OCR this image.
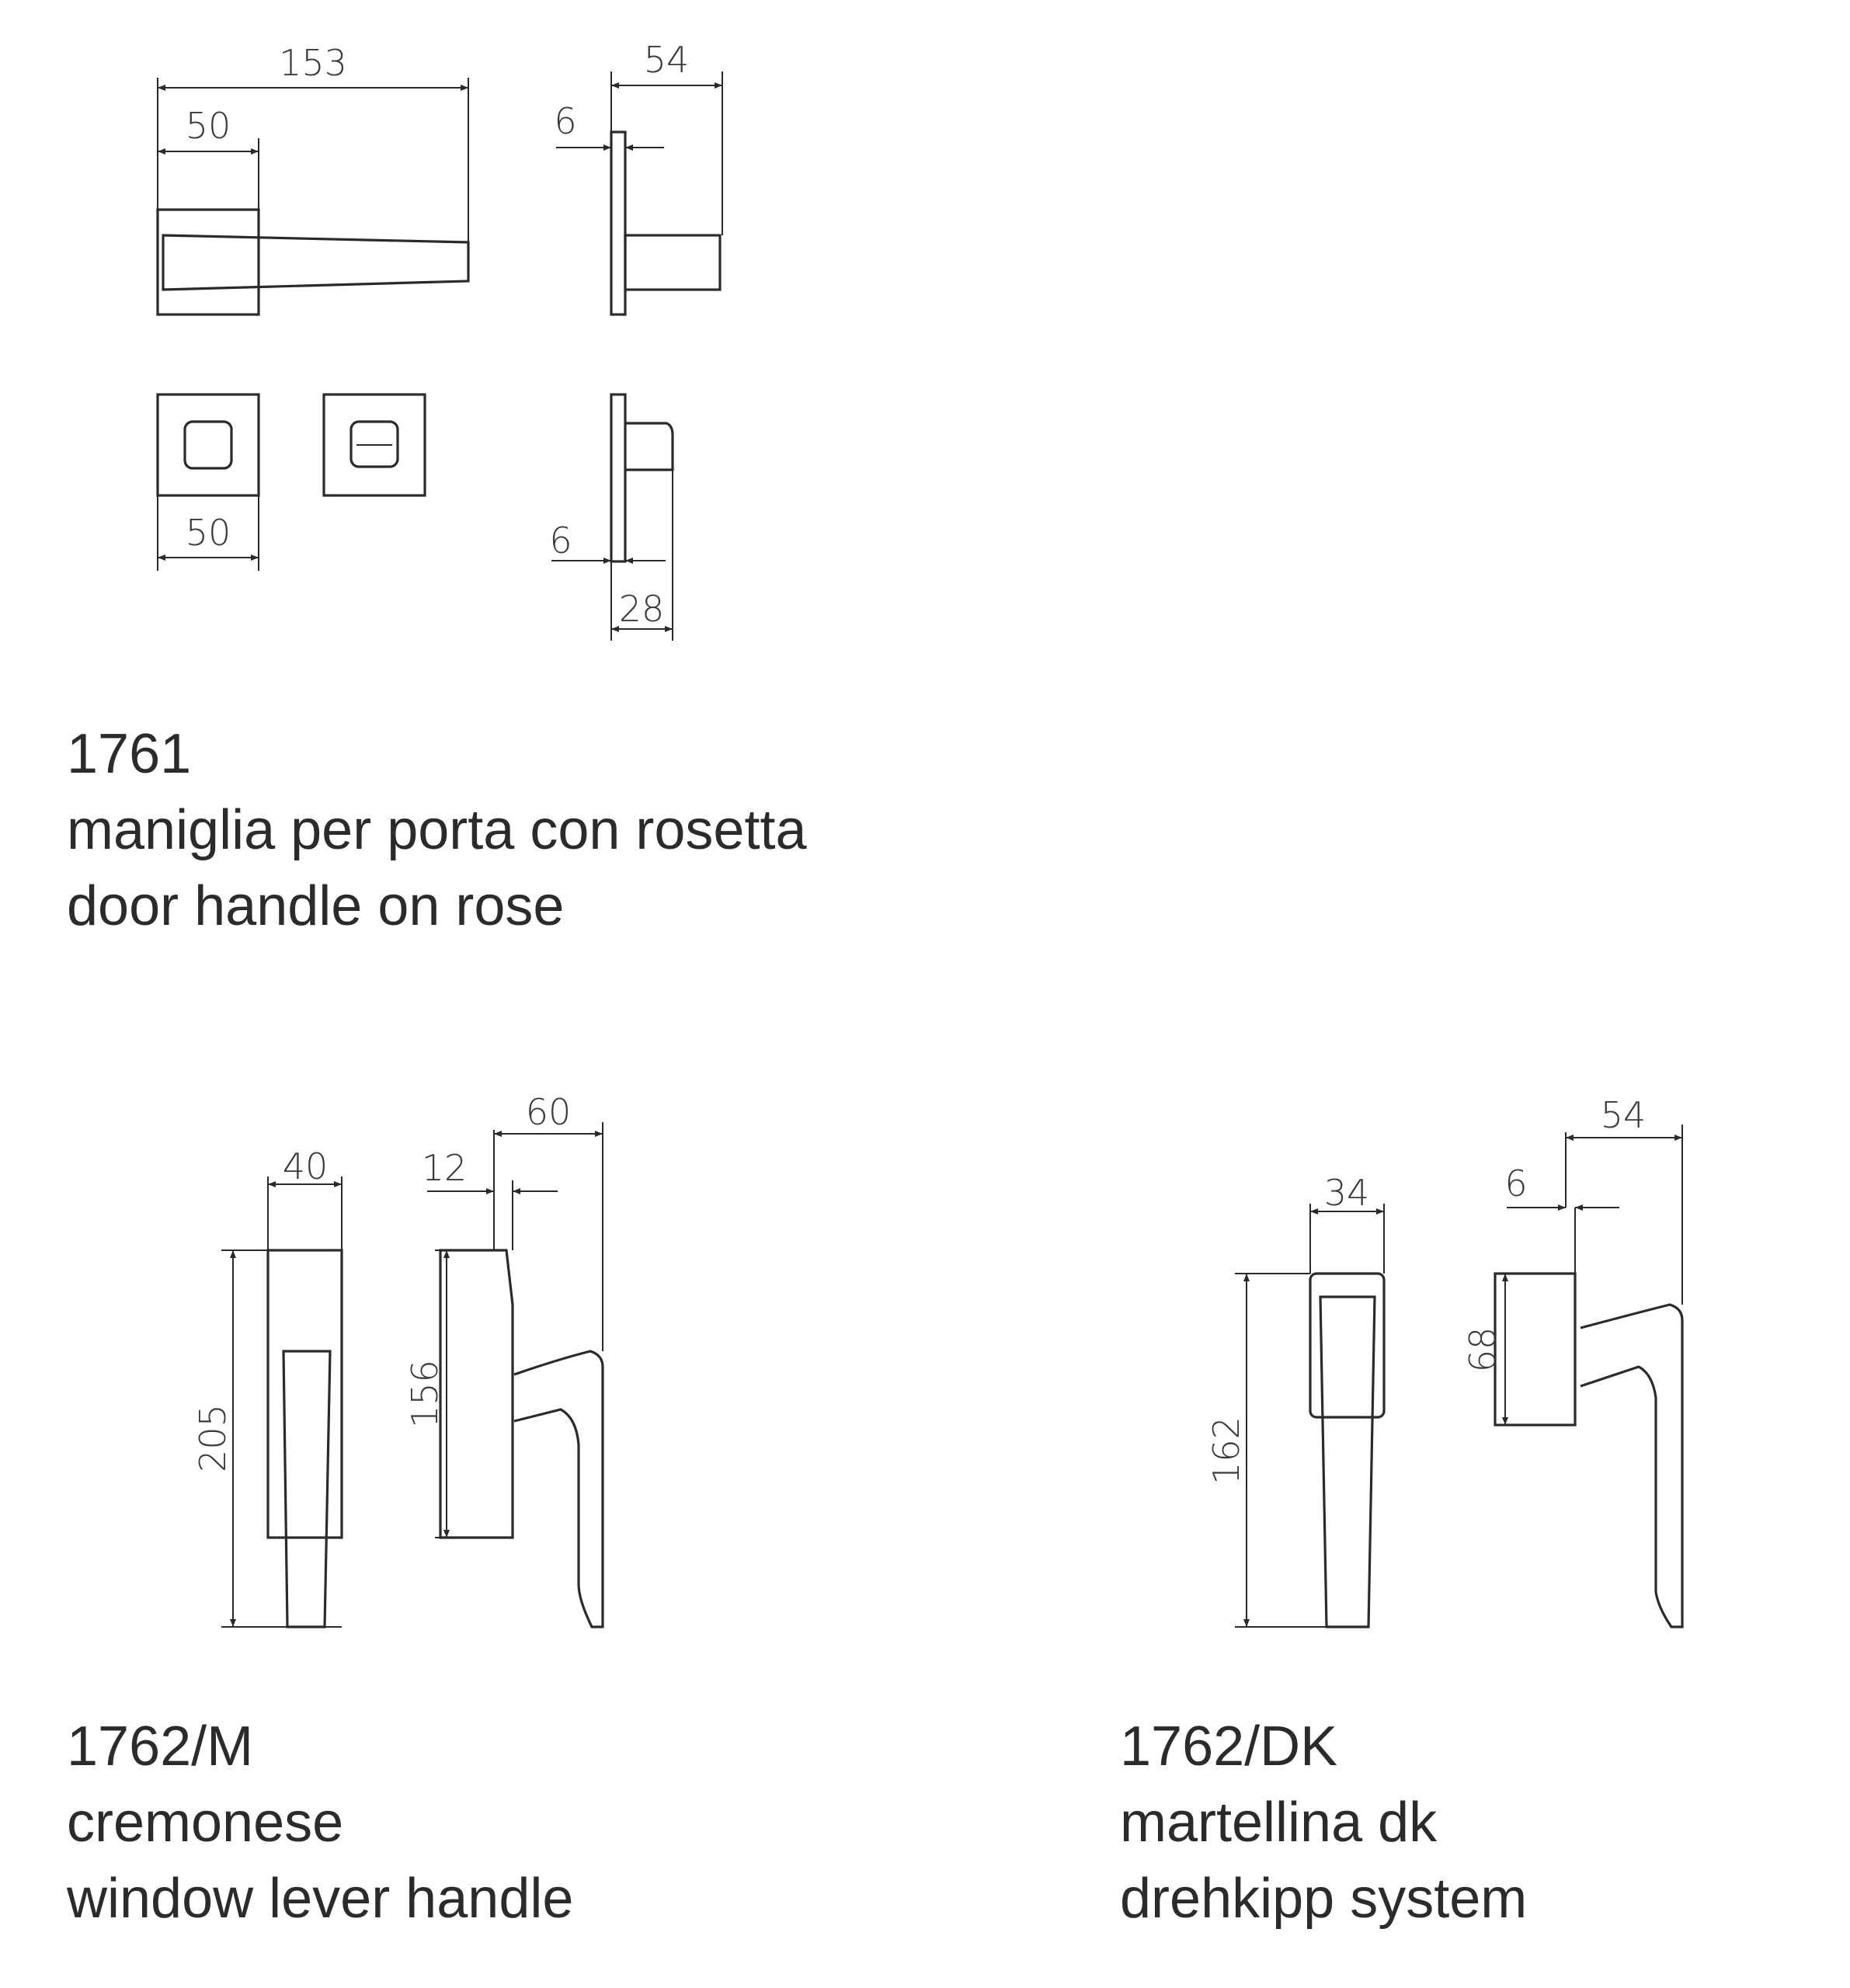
153
50
54
6
50	6
28
40
205
60
12
156
34
162
54
6
68
1761
maniglia per porta con rosetta
door handle on rose
1762/M
cremonese
window lever handle
1762/DK
martellina dk
drehkipp system
